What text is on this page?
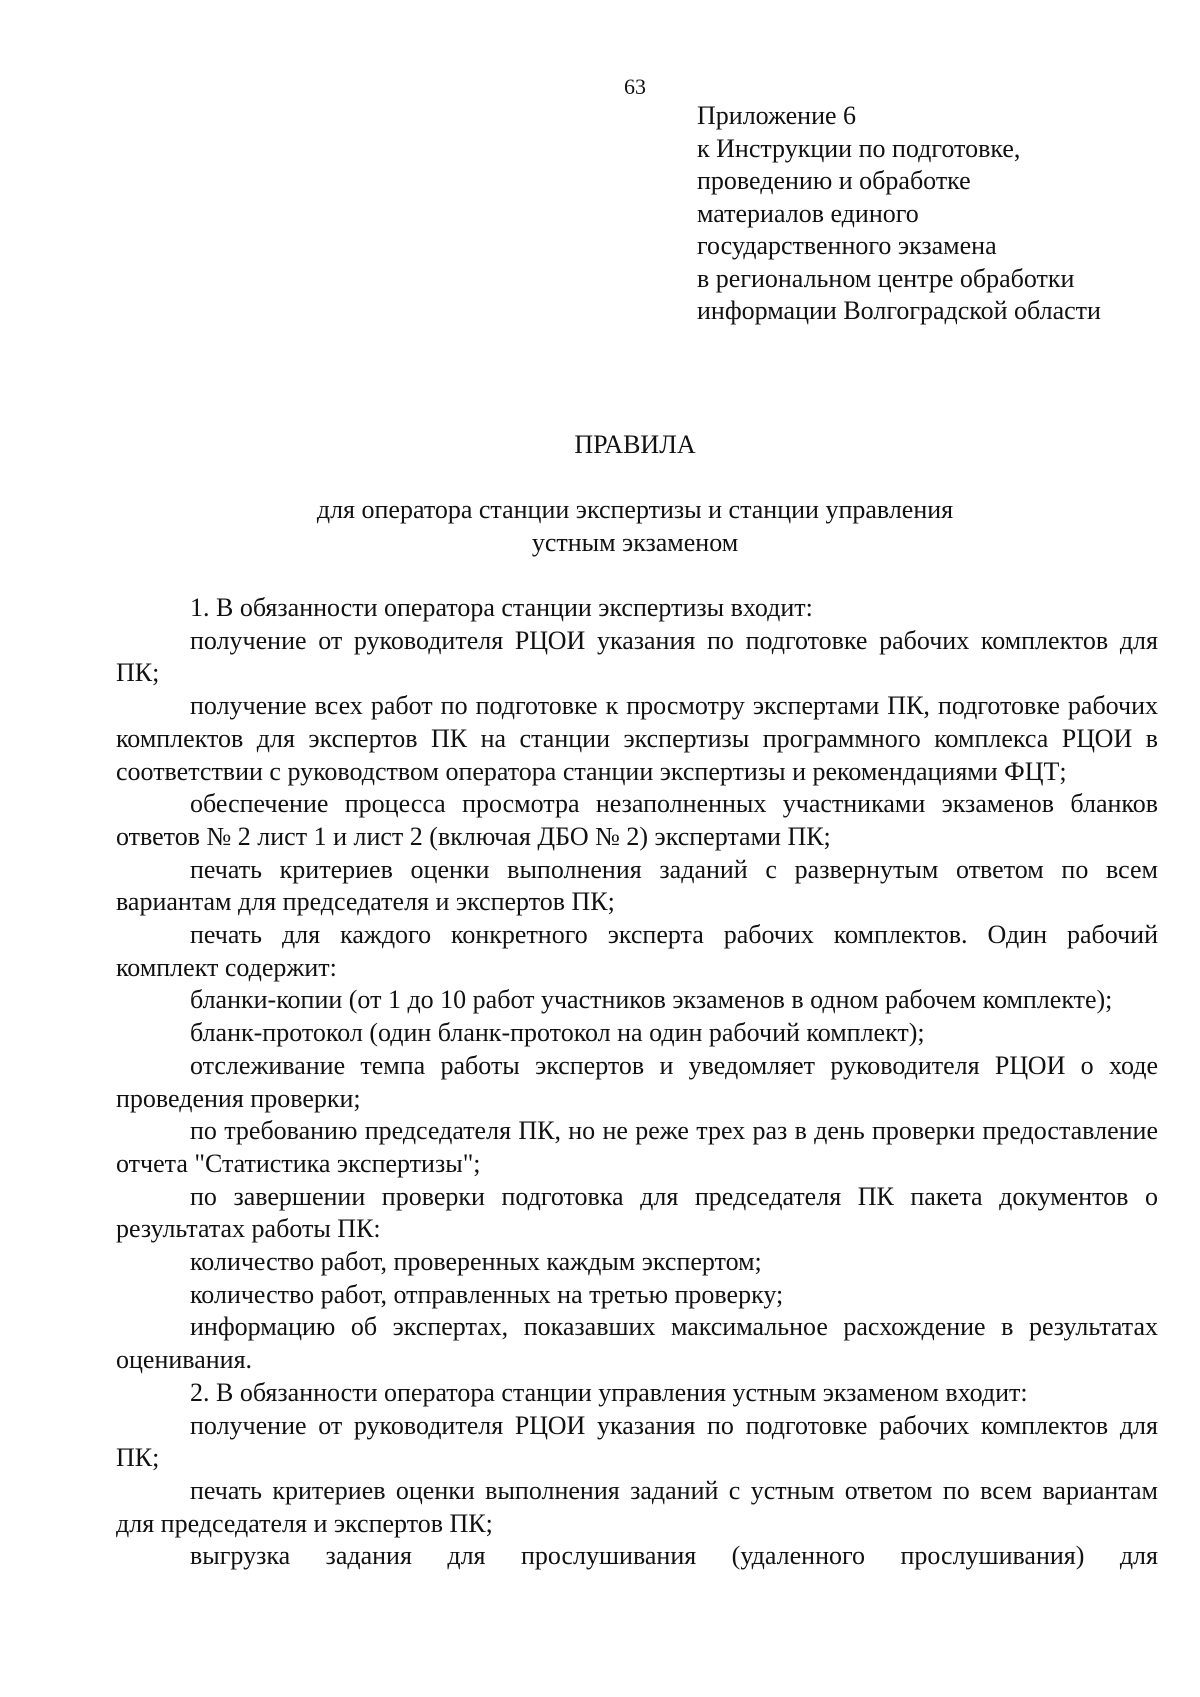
63
Приложение 6
к Инструкции по подготовке,
проведению и обработке
материалов единого
государственного экзамена
в региональном центре обработки
информации Волгоградской области
ПРАВИЛА
для оператора станции экспертизы и станции управления
устным экзаменом

1. В обязанности оператора станции экспертизы входит:

получение от руководителя РЦОИ указания по подготовке рабочих комплектов для ПК;

получение всех работ по подготовке к просмотру экспертами ПК, подготовке рабочих комплектов для экспертов ПК на станции экспертизы программного комплекса РЦОИ в соответствии с руководством оператора станции экспертизы и рекомендациями ФЦТ;

обеспечение процесса просмотра незаполненных участниками экзаменов бланков ответов № 2 лист 1 и лист 2 (включая ДБО № 2) экспертами ПК;

печать критериев оценки выполнения заданий с развернутым ответом по всем вариантам для председателя и экспертов ПК;

печать для каждого конкретного эксперта рабочих комплектов. Один рабочий комплект содержит:

бланки-копии (от 1 до 10 работ участников экзаменов в одном рабочем комплекте);

бланк-протокол (один бланк-протокол на один рабочий комплект);

отслеживание темпа работы экспертов и уведомляет руководителя РЦОИ о ходе проведения проверки;

по требованию председателя ПК, но не реже трех раз в день проверки предоставление отчета "Статистика экспертизы";

по завершении проверки подготовка для председателя ПК пакета документов о результатах работы ПК:

количество работ, проверенных каждым экспертом;

количество работ, отправленных на третью проверку;

информацию об экспертах, показавших максимальное расхождение в результатах оценивания.

2. В обязанности оператора станции управления устным экзаменом входит:

получение от руководителя РЦОИ указания по подготовке рабочих комплектов для ПК;

печать критериев оценки выполнения заданий с устным ответом по всем вариантам для председателя и экспертов ПК;

выгрузка задания для прослушивания (удаленного прослушивания) для
